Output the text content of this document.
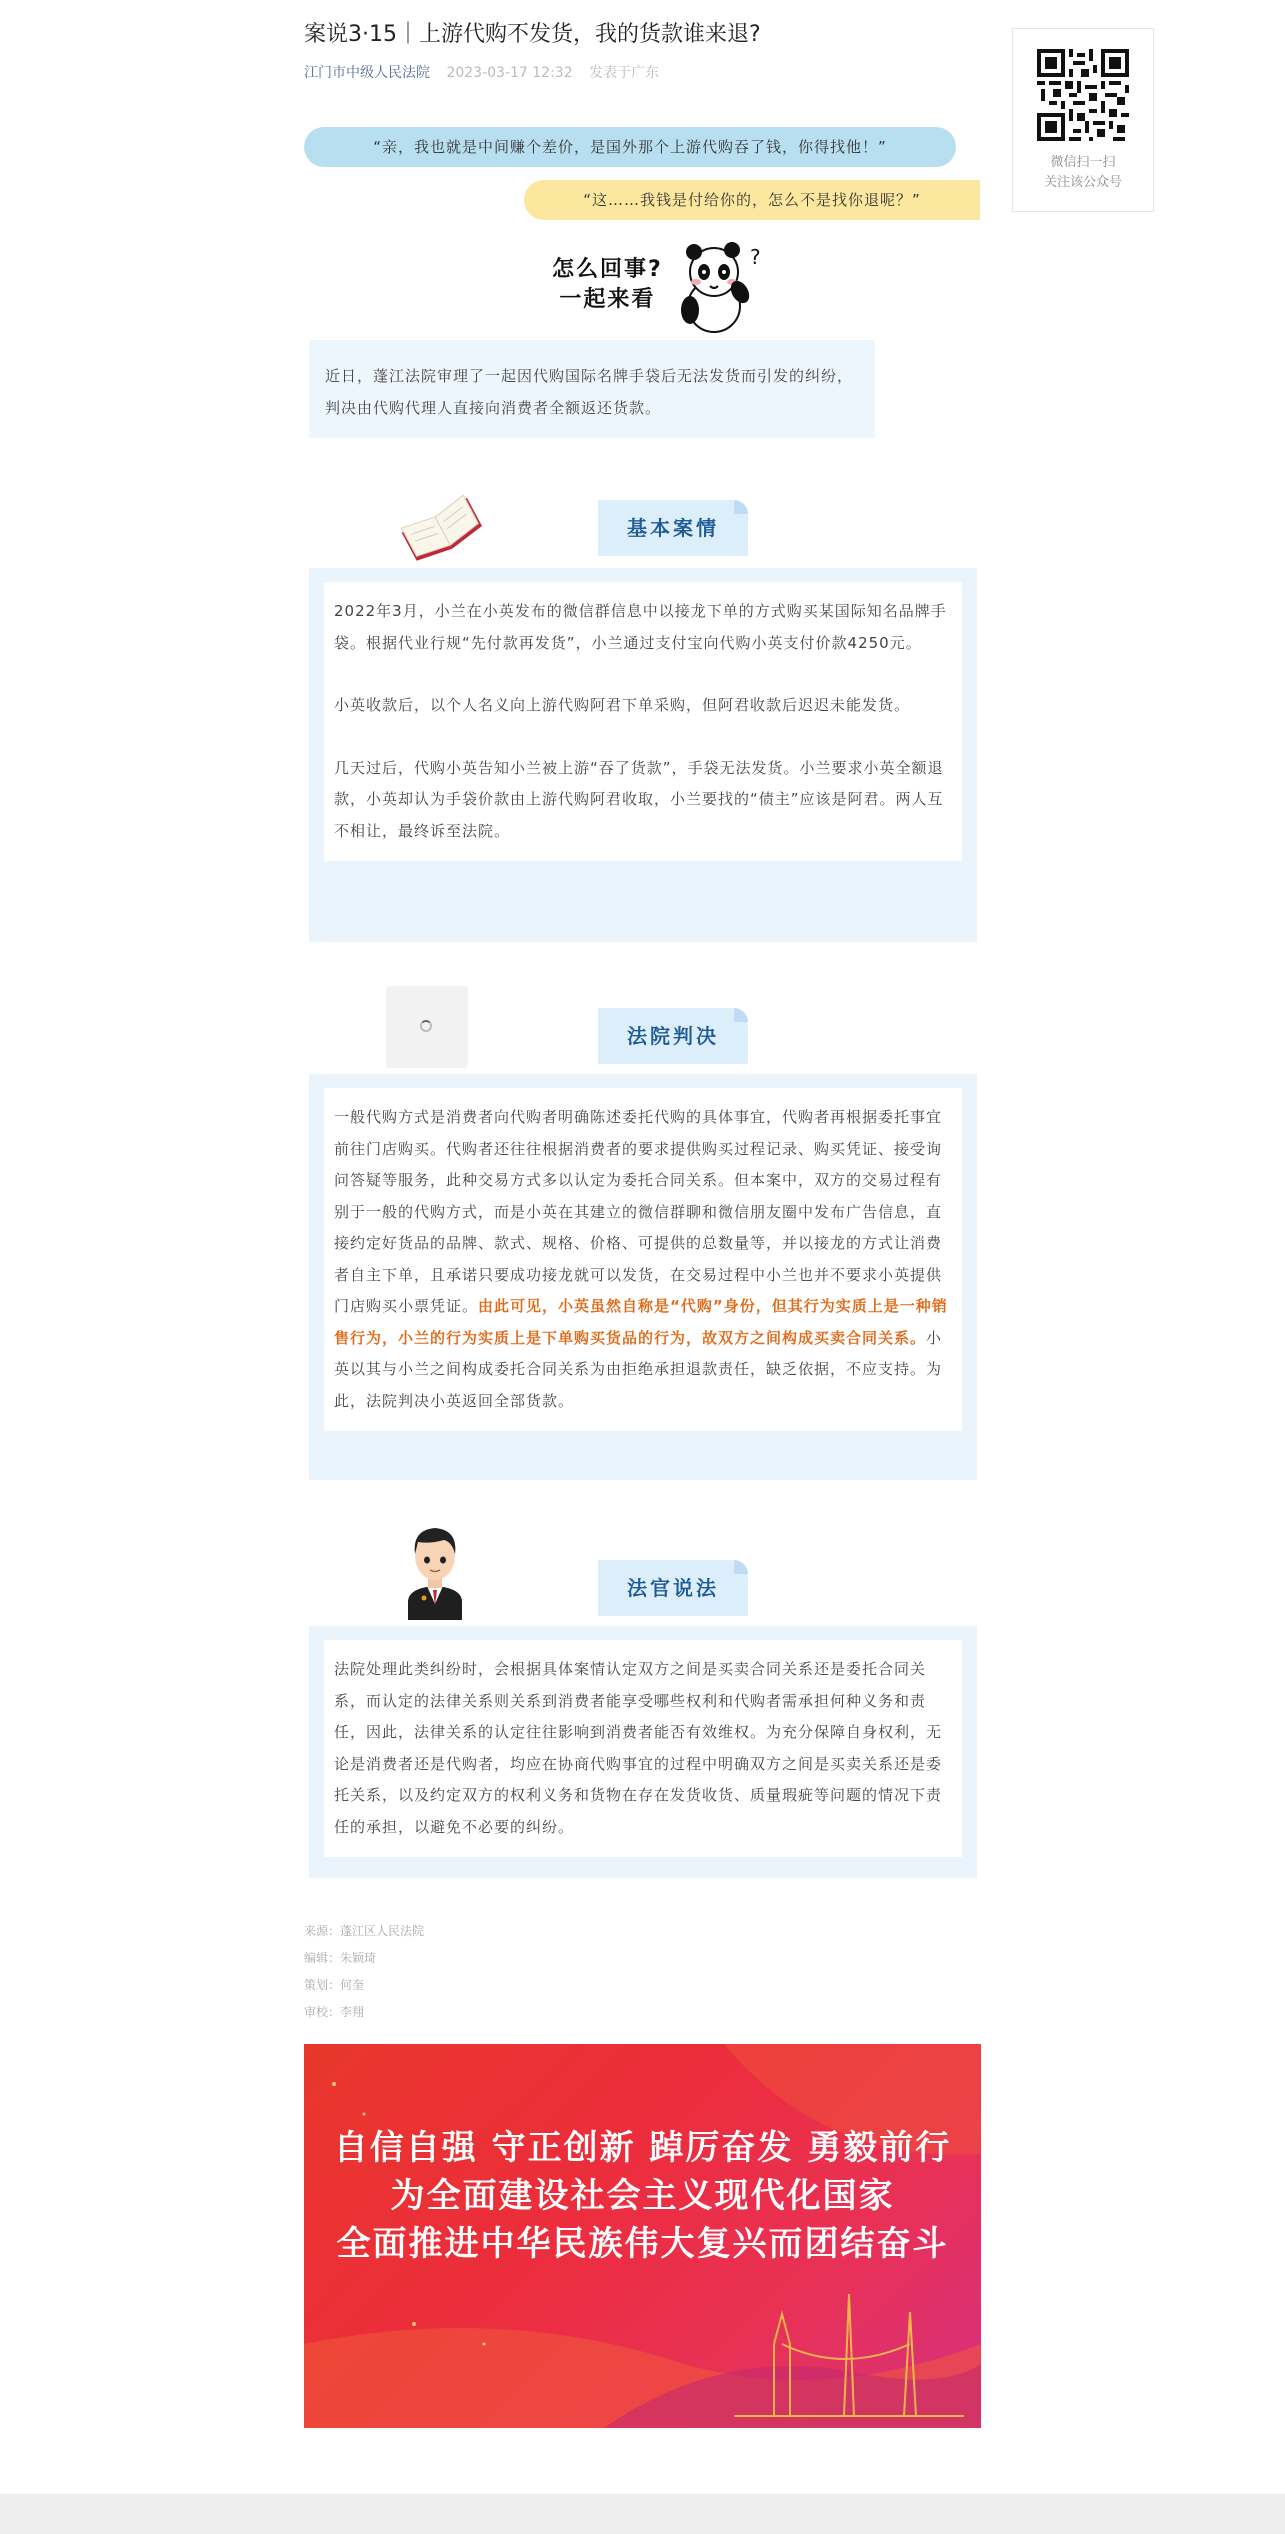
案说3·15｜上游代购不发货，我的货款谁来退?
江门市中级人民法院 2023-03-17 12:32 发表于广东
“亲，我也就是中间赚个差价，是国外那个上游代购吞了钱，你得找他！”
“这……我钱是付给你的，怎么不是找你退呢？”
怎么回事?
一起来看
?
近日，蓬江法院审理了一起因代购国际名牌手袋后无法发货而引发的纠纷，判决由代购代理人直接向消费者全额返还货款。
基本案情

2022年3月，小兰在小英发布的微信群信息中以接龙下单的方式购买某国际知名品牌手袋。根据代业行规“先付款再发货”，小兰通过支付宝向代购小英支付价款4250元。

小英收款后，以个人名义向上游代购阿君下单采购，但阿君收款后迟迟未能发货。

几天过后，代购小英告知小兰被上游“吞了货款”，手袋无法发货。小兰要求小英全额退款，小英却认为手袋价款由上游代购阿君收取，小兰要找的“债主”应该是阿君。两人互不相让，最终诉至法院。

法院判决

一般代购方式是消费者向代购者明确陈述委托代购的具体事宜，代购者再根据委托事宜前往门店购买。代购者还往往根据消费者的要求提供购买过程记录、购买凭证、接受询问答疑等服务，此种交易方式多以认定为委托合同关系。但本案中，双方的交易过程有别于一般的代购方式，而是小英在其建立的微信群聊和微信朋友圈中发布广告信息，直接约定好货品的品牌、款式、规格、价格、可提供的总数量等，并以接龙的方式让消费者自主下单，且承诺只要成功接龙就可以发货，在交易过程中小兰也并不要求小英提供门店购买小票凭证。由此可见，小英虽然自称是“代购”身份，但其行为实质上是一种销售行为，小兰的行为实质上是下单购买货品的行为，故双方之间构成买卖合同关系。小英以其与小兰之间构成委托合同关系为由拒绝承担退款责任，缺乏依据，不应支持。为此，法院判决小英返回全部货款。

法官说法
法院处理此类纠纷时，会根据具体案情认定双方之间是买卖合同关系还是委托合同关系，而认定的法律关系则关系到消费者能享受哪些权利和代购者需承担何种义务和责任，因此，法律关系的认定往往影响到消费者能否有效维权。为充分保障自身权利，无论是消费者还是代购者，均应在协商代购事宜的过程中明确双方之间是买卖关系还是委托关系，以及约定双方的权利义务和货物在存在发货收货、质量瑕疵等问题的情况下责任的承担，以避免不必要的纠纷。
来源：蓬江区人民法院
编辑：朱颖琦
策划：何奎
审校：李翔
微信扫一扫
关注该公众号
自信自强 守正创新 踔厉奋发 勇毅前行
为全面建设社会主义现代化国家
全面推进中华民族伟大复兴而团结奋斗
